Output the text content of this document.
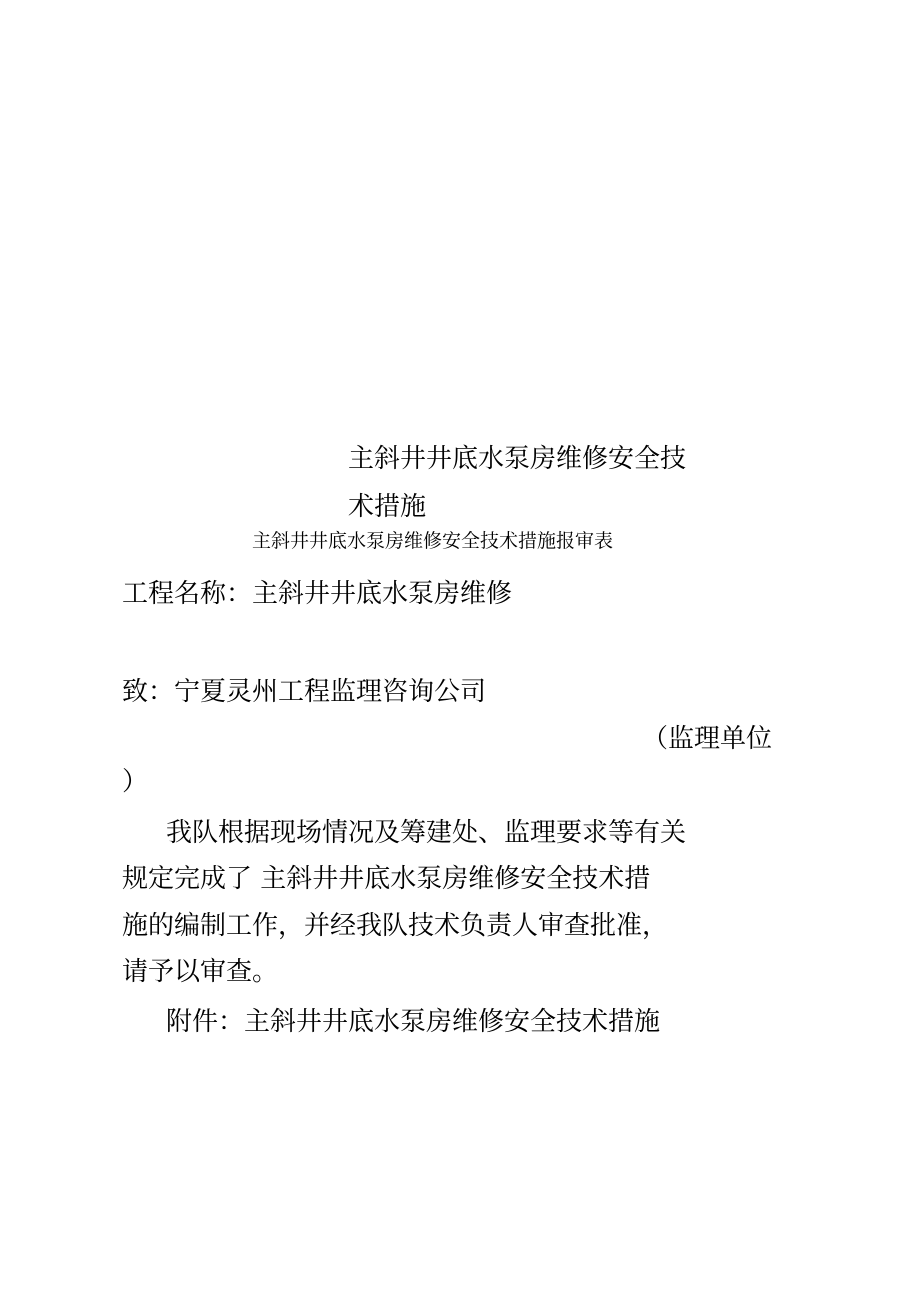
主斜井井底水泵房维修安全技
术措施
主斜井井底水泵房维修安全技术措施报审表
工程名称：主斜井井底水泵房维修
致：宁夏灵州工程监理咨询公司
（监理单位
）
我队根据现场情况及筹建处、监理要求等有关
规定完成了 主斜井井底水泵房维修安全技术措
施的编制工作，并经我队技术负责人审查批准，
请予以审查。
附件：主斜井井底水泵房维修安全技术措施
